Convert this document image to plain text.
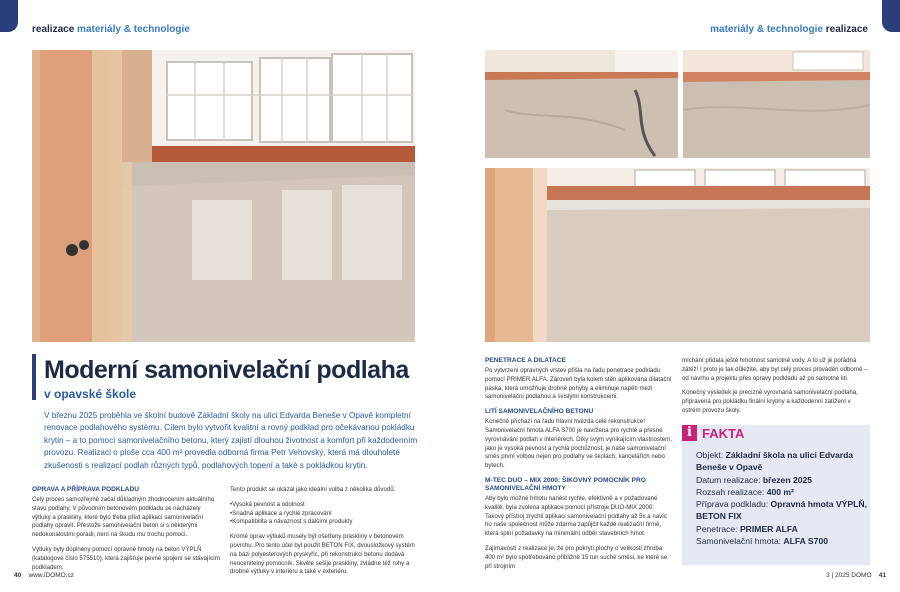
realizace materiály & technologie
Moderní samonivelační podlaha
v opavské škole
V březnu 2025 proběhla ve školní budově Základní školy na ulici Edvarda Beneše v Opavě kompletní renovace podlahového systému. Cílem bylo vytvořit kvalitní a rovný podklad pro očekávanou pokládku krytin – a to pomocí samonivelačního betonu, který zajistí dlouhou životnost a komfort při každodenním provozu. Realizaci o ploše cca 400 m² provedla odborná firma Petr Vehovský, která má dlouholeté zkušenosti s realizací podlah různých typů, podlahových topení a také s pokládkou krytin.
OPRAVA A PŘÍPRAVA PODKLADU

Celý proces samozřejmě začal důkladným zhodnocením aktuálního stavu podlahy. V původním betonovém podkladu se nacházely výtluky a praskliny, které bylo třeba před aplikací samonivelační podlahy opravit. Přestože samonivelační beton si s některými nedokonalostmi poradí, není na škodu mu trochu pomoci.

Výtluky byly doplněny pomocí opravné hmoty na beton VÝPLŇ (katalogové číslo 575510), která zajišťuje pevné spojení se stávajícím podkladem.

Tento produkt se ukázal jako ideální volba z několika důvodů:

• Vysoká pevnost a odolnost
• Snadná aplikace a rychlé zpracování
• Kompatibilita a návaznost s dalšími produkty

Kromě oprav výtluků musely být ošetřeny praskliny v betonovém povrchu. Pro tento účel byl použit BETON FIX, dvousložkový systém na bázi polyesterových pryskyřic, při rekonstrukci betonu dodává neocenitelný pomocník. Skvěle sešije praskliny, zvládne též rohy a drobné výtluky v interiéru a také v exteriéru.

40 www.iDOMO.cz
materiály & technologie realizace
PENETRACE A DILATACE

Po vytvrzení opravných vrstev přišla na řadu penetrace podkladu pomocí PRIMER ALFA. Zároveň byla kolem stěn aplikována dilatační páska, která umožňuje drobné pohyby a eliminuje napětí mezi samonivelační podlahou a svislými konstrukcemi.

LITÍ SAMONIVELAČNÍHO BETONU

Konečně přichází na řadu hlavní hvězda celé rekonstrukce! Samonivelační hmota ALFA S700 je navržena pro rychlé a přesné vyrovnávání podlah v interiérech. Díky svým vynikajícím vlastnostem, jako je vysoká pevnost a rychlá pochůznost, je naše samonivelační směs první volbou nejen pro podlahy ve školách, kancelářích nebo bytech.

M-TEC DUO – MIX 2000: ŠIKOVNÝ POMOCNÍK PRO SAMONIVELAČNÍ HMOTY

Aby bylo možné hmotu nanést rychle, efektivně a v požadované kvalitě, byla zvolena aplikace pomocí přístroje DUO-MIX 2000. Takový přístroj zrychlí aplikaci samonivelační podlahy až 5x a navíc ho naše společnost může zdarma zapůjčit každé realizační firmě, která splní požadavky na minimální odběr stavebních hmot.

Zajímavostí z realizace je, že pro pokrytí plochy o velikosti zhruba 400 m² bylo spotřebováno přibližně 15 tun suché směsi, ke které se při strojním

míchání přidala ještě hmotnost samotné vody. A to už je pořádná zátěž! I proto je tak důležité, aby byl celý proces prováděn odborně – od návrhu a projektu přes opravy podkladu až po samotné lití.

Konečný výsledek je precizně vyrovnaná samonivelační podlaha, připravená pro pokládku finální krytiny a každodenní zatížení v ostrém provozu školy.

3 | 2025 DOMO 41
i FAKTA
Objekt: Základní škola na ulici Edvarda Beneše v Opavě
Datum realizace: březen 2025
Rozsah realizace: 400 m²
Příprava podkladu: Opravná hmota VÝPLŇ, BETON FIX
Penetrace: PRIMER ALFA
Samonivelační hmota: ALFA S700
